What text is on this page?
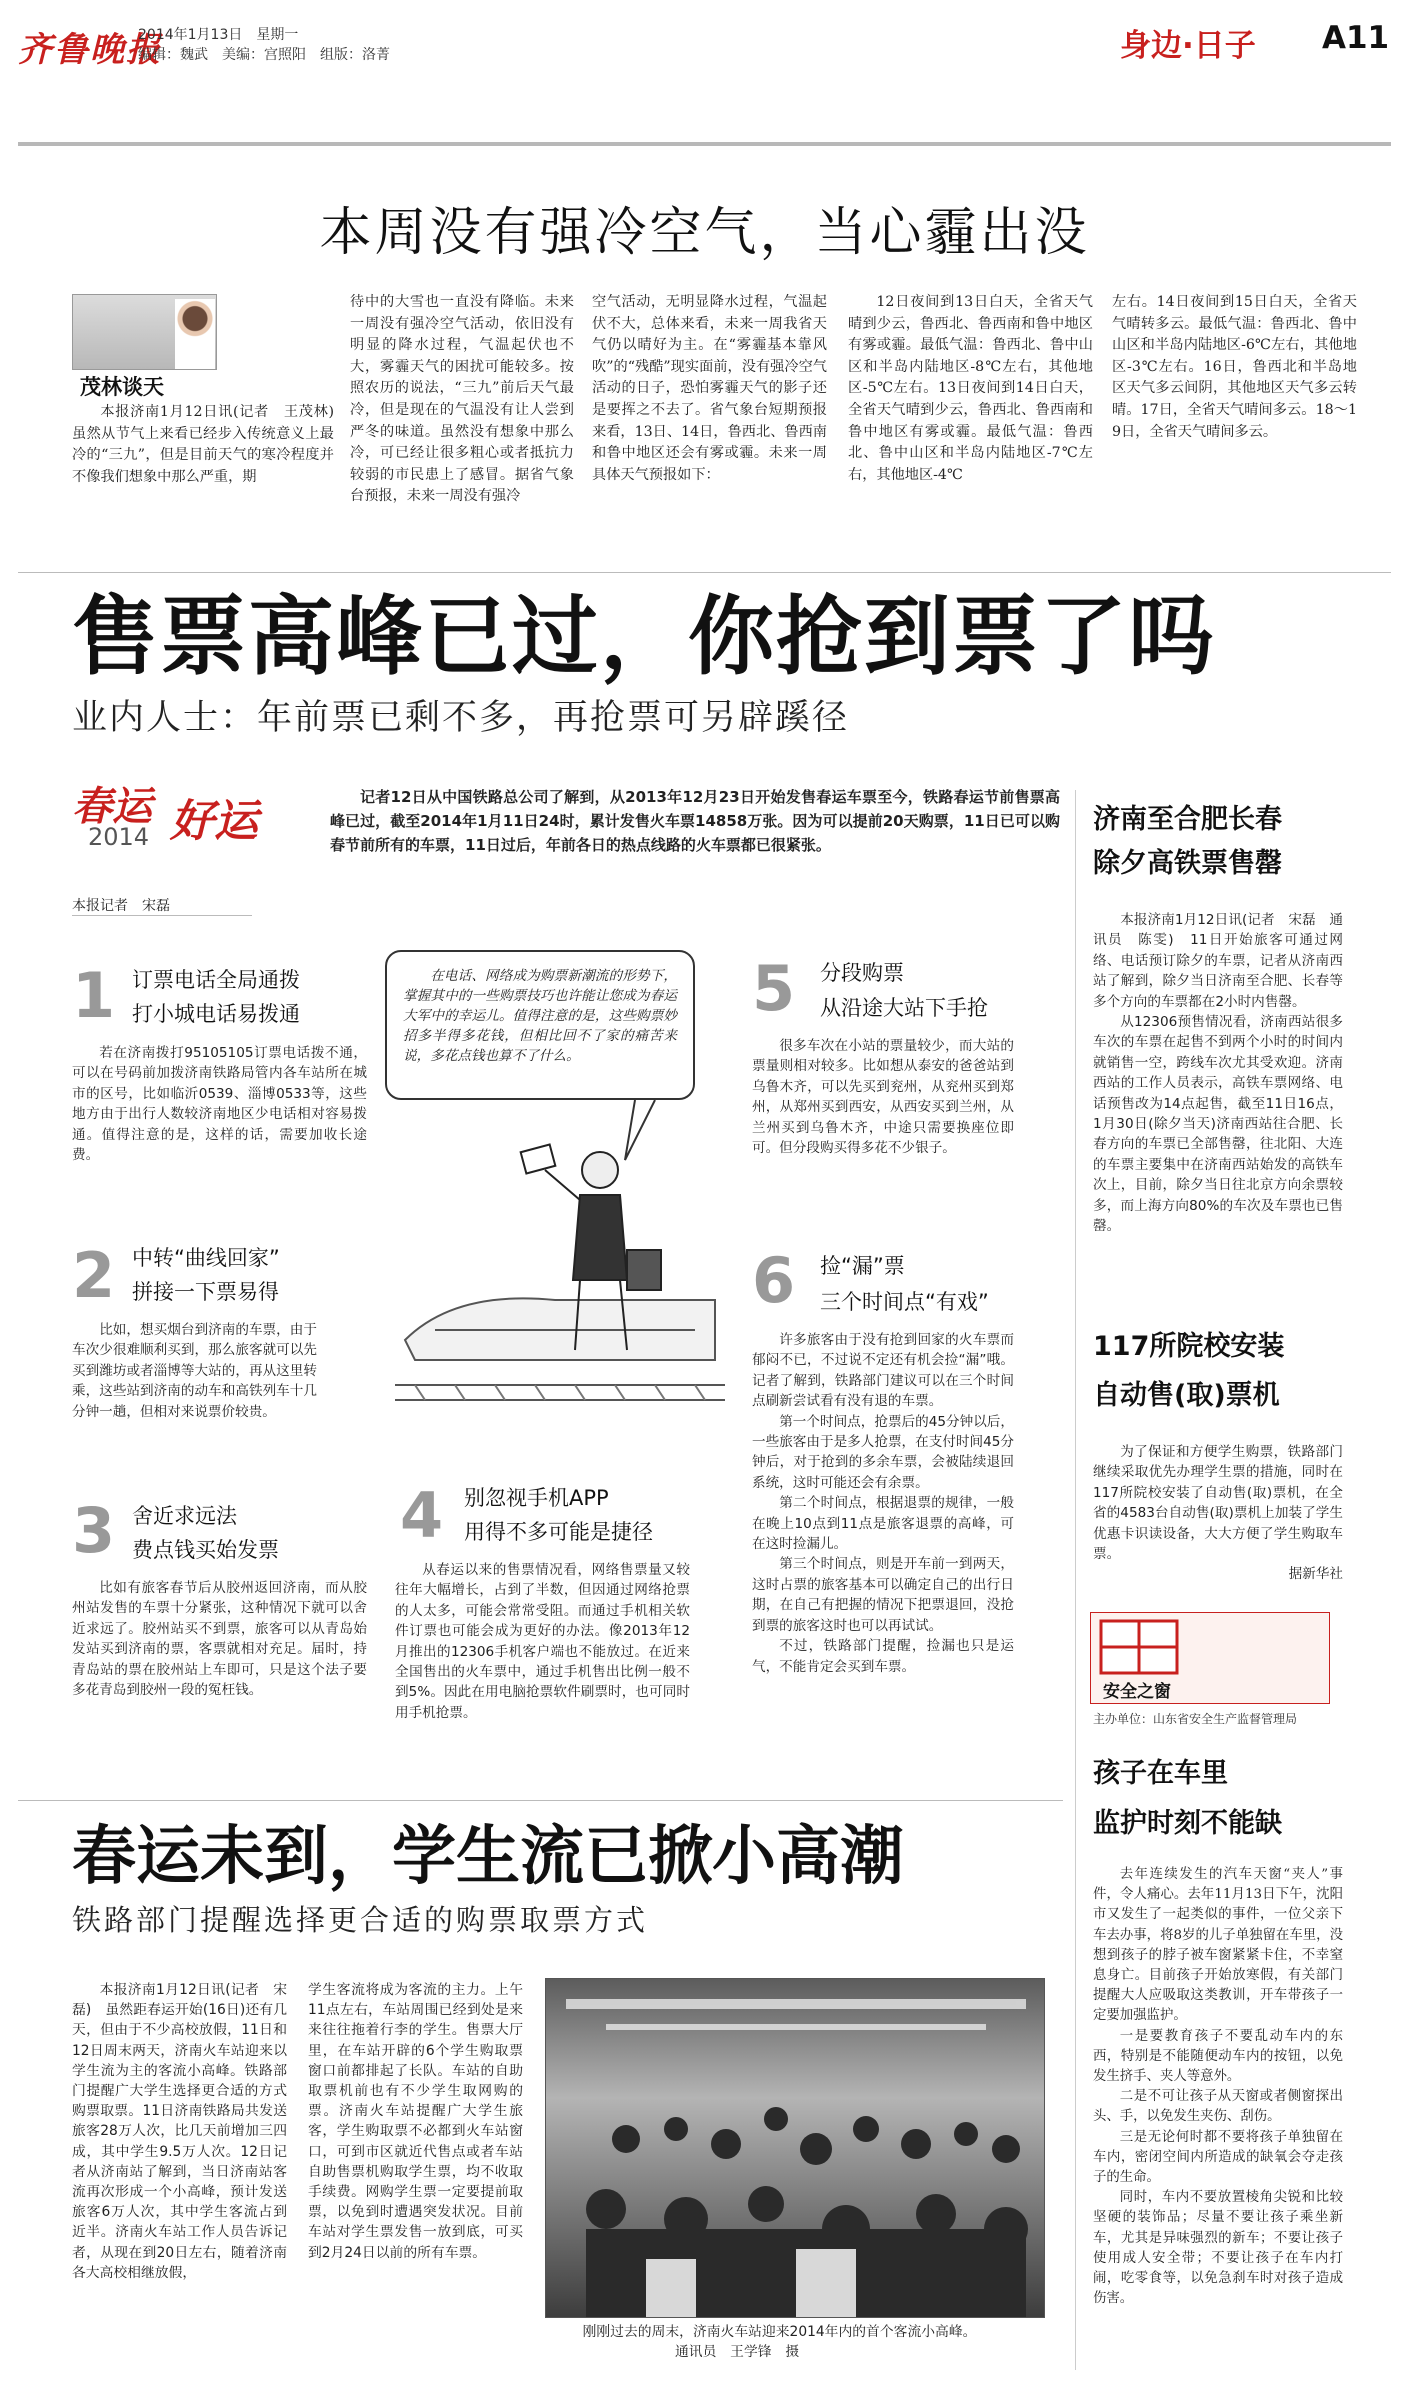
齐鲁晚报
2014年1月13日　 星期一
编辑：魏武　美编：宫照阳　组版：洛菁	身边·日子 A11
本周没有强冷空气，当心霾出没
茂林谈天
本报济南1月12日讯(记者　王茂林)　虽然从节气上来看已经步入传统意义上最冷的“三九”，但是目前天气的寒冷程度并不像我们想象中那么严重，期
待中的大雪也一直没有降临。未来一周没有强冷空气活动，依旧没有明显的降水过程，气温起伏也不大，雾霾天气的困扰可能较多。按照农历的说法，“三九”前后天气最冷，但是现在的气温没有让人尝到严冬的味道。虽然没有想象中那么冷，可已经让很多粗心或者抵抗力较弱的市民患上了感冒。据省气象台预报，未来一周没有强冷
空气活动，无明显降水过程，气温起伏不大，总体来看，未来一周我省天气仍以晴好为主。在“雾霾基本靠风吹”的“残酷”现实面前，没有强冷空气活动的日子，恐怕雾霾天气的影子还是要挥之不去了。省气象台短期预报来看，13日、14日，鲁西北、鲁西南和鲁中地区还会有雾或霾。未来一周具体天气预报如下：
12日夜间到13日白天，全省天气晴到少云，鲁西北、鲁西南和鲁中地区有雾或霾。最低气温：鲁西北、鲁中山区和半岛内陆地区-8℃左右，其他地区-5℃左右。13日夜间到14日白天，全省天气晴到少云，鲁西北、鲁西南和鲁中地区有雾或霾。最低气温：鲁西北、鲁中山区和半岛内陆地区-7℃左右，其他地区-4℃
左右。14日夜间到15日白天，全省天气晴转多云。最低气温：鲁西北、鲁中山区和半岛内陆地区-6℃左右，其他地区-3℃左右。16日，鲁西北和半岛地区天气多云间阴，其他地区天气多云转晴。17日，全省天气晴间多云。18～19日，全省天气晴间多云。
售票高峰已过，你抢到票了吗
业内人士：年前票已剩不多，再抢票可另辟蹊径
春运 好运
2014
记者12日从中国铁路总公司了解到，从2013年12月23日开始发售春运车票至今，铁路春运节前售票高峰已过，截至2014年1月11日24时，累计发售火车票14858万张。因为可以提前20天购票，11日已可以购春节前所有的车票，11日过后，年前各日的热点线路的火车票都已很紧张。
本报记者　宋磊
在电话、网络成为购票新潮流的形势下，掌握其中的一些购票技巧也许能让您成为春运大军中的幸运儿。值得注意的是，这些购票妙招多半得多花钱，但相比回不了家的痛苦来说，多花点钱也算不了什么。
1 订票电话全局通拨
打小城电话易拨通
若在济南拨打95105105订票电话拨不通，可以在号码前加拨济南铁路局管内各车站所在城市的区号，比如临沂0539、淄博0533等，这些地方由于出行人数较济南地区少电话相对容易拨通。值得注意的是，这样的话，需要加收长途费。
2 中转“曲线回家”
拼接一下票易得
比如，想买烟台到济南的车票，由于车次少很难顺利买到，那么旅客就可以先买到潍坊或者淄博等大站的，再从这里转乘，这些站到济南的动车和高铁列车十几分钟一趟，但相对来说票价较贵。
3 舍近求远法
费点钱买始发票
比如有旅客春节后从胶州返回济南，而从胶州站发售的车票十分紧张，这种情况下就可以舍近求远了。胶州站买不到票，旅客可以从青岛始发站买到济南的票，客票就相对充足。届时，持青岛站的票在胶州站上车即可，只是这个法子要多花青岛到胶州一段的冤枉钱。
4 别忽视手机APP
用得不多可能是捷径
从春运以来的售票情况看，网络售票量又较往年大幅增长，占到了半数，但因通过网络抢票的人太多，可能会常常受阻。而通过手机相关软件订票也可能会成为更好的办法。像2013年12月推出的12306手机客户端也不能放过。在近来全国售出的火车票中，通过手机售出比例一般不到5%。因此在用电脑抢票软件刷票时，也可同时用手机抢票。
5 分段购票
从沿途大站下手抢
很多车次在小站的票量较少，而大站的票量则相对较多。比如想从泰安的爸爸站到乌鲁木齐，可以先买到兖州，从兖州买到郑州，从郑州买到西安，从西安买到兰州，从兰州买到乌鲁木齐，中途只需要换座位即可。但分段购买得多花不少银子。
6 捡“漏”票
三个时间点“有戏”

许多旅客由于没有抢到回家的火车票而郁闷不已，不过说不定还有机会捡“漏”哦。记者了解到，铁路部门建议可以在三个时间点刷新尝试看有没有退的车票。

第一个时间点，抢票后的45分钟以后，一些旅客由于是多人抢票，在支付时间45分钟后，对于抢到的多余车票，会被陆续退回系统，这时可能还会有余票。

第二个时间点，根据退票的规律，一般在晚上10点到11点是旅客退票的高峰，可在这时捡漏儿。

第三个时间点，则是开车前一到两天，这时占票的旅客基本可以确定自己的出行日期，在自己有把握的情况下把票退回，没抢到票的旅客这时也可以再试试。

不过，铁路部门提醒，捡漏也只是运气，不能肯定会买到车票。

济南至合肥长春
除夕高铁票售罄

本报济南1月12日讯(记者　宋磊　通讯员　陈雯)　11日开始旅客可通过网络、电话预订除夕的车票，记者从济南西站了解到，除夕当日济南至合肥、长春等多个方向的车票都在2小时内售罄。

从12306预售情况看，济南西站很多车次的车票在起售不到两个小时的时间内就销售一空，跨线车次尤其受欢迎。济南西站的工作人员表示，高铁车票网络、电话预售改为14点起售，截至11日16点，1月30日(除夕当天)济南西站往合肥、长春方向的车票已全部售罄，往北阳、大连的车票主要集中在济南西站始发的高铁车次上，目前，除夕当日往北京方向余票较多，而上海方向80%的车次及车票也已售罄。

117所院校安装
自动售(取)票机

为了保证和方便学生购票，铁路部门继续采取优先办理学生票的措施，同时在117所院校安装了自动售(取)票机，在全省的4583台自动售(取)票机上加装了学生优惠卡识读设备，大大方便了学生购取车票。

据新华社

安全之窗
主办单位：山东省安全生产监督管理局
孩子在车里
监护时刻不能缺

去年连续发生的汽车天窗“夹人”事件，令人痛心。去年11月13日下午，沈阳市又发生了一起类似的事件，一位父亲下车去办事，将8岁的儿子单独留在车里，没想到孩子的脖子被车窗紧紧卡住，不幸窒息身亡。目前孩子开始放寒假，有关部门提醒大人应吸取这类教训，开车带孩子一定要加强监护。

一是要教育孩子不要乱动车内的东西，特别是不能随便动车内的按钮，以免发生挤手、夹人等意外。

二是不可让孩子从天窗或者侧窗探出头、手，以免发生夹伤、刮伤。

三是无论何时都不要将孩子单独留在车内，密闭空间内所造成的缺氧会夺走孩子的生命。

同时，车内不要放置棱角尖锐和比较坚硬的装饰品；尽量不要让孩子乘坐新车，尤其是异味强烈的新车；不要让孩子使用成人安全带；不要让孩子在车内打闹，吃零食等，以免急刹车时对孩子造成伤害。

春运未到，学生流已掀小高潮
铁路部门提醒选择更合适的购票取票方式
本报济南1月12日讯(记者　宋磊)　虽然距春运开始(16日)还有几天，但由于不少高校放假，11日和12日周末两天，济南火车站迎来以学生流为主的客流小高峰。铁路部门提醒广大学生选择更合适的方式购票取票。11日济南铁路局共发送旅客28万人次，比几天前增加三四成，其中学生9.5万人次。12日记者从济南站了解到，当日济南站客流再次形成一个小高峰，预计发送旅客6万人次，其中学生客流占到近半。济南火车站工作人员告诉记者，从现在到20日左右，随着济南各大高校相继放假，
学生客流将成为客流的主力。上午11点左右，车站周围已经到处是来来往往拖着行李的学生。售票大厅里，在车站开辟的6个学生购取票窗口前都排起了长队。车站的自助取票机前也有不少学生取网购的票。济南火车站提醒广大学生旅客，学生购取票不必都到火车站窗口，可到市区就近代售点或者车站自助售票机购取学生票，均不收取手续费。网购学生票一定要提前取票，以免到时遭遇突发状况。目前车站对学生票发售一放到底，可买到2月24日以前的所有车票。
刚刚过去的周末，济南火车站迎来2014年内的首个客流小高峰。通讯员　王学锋　摄
